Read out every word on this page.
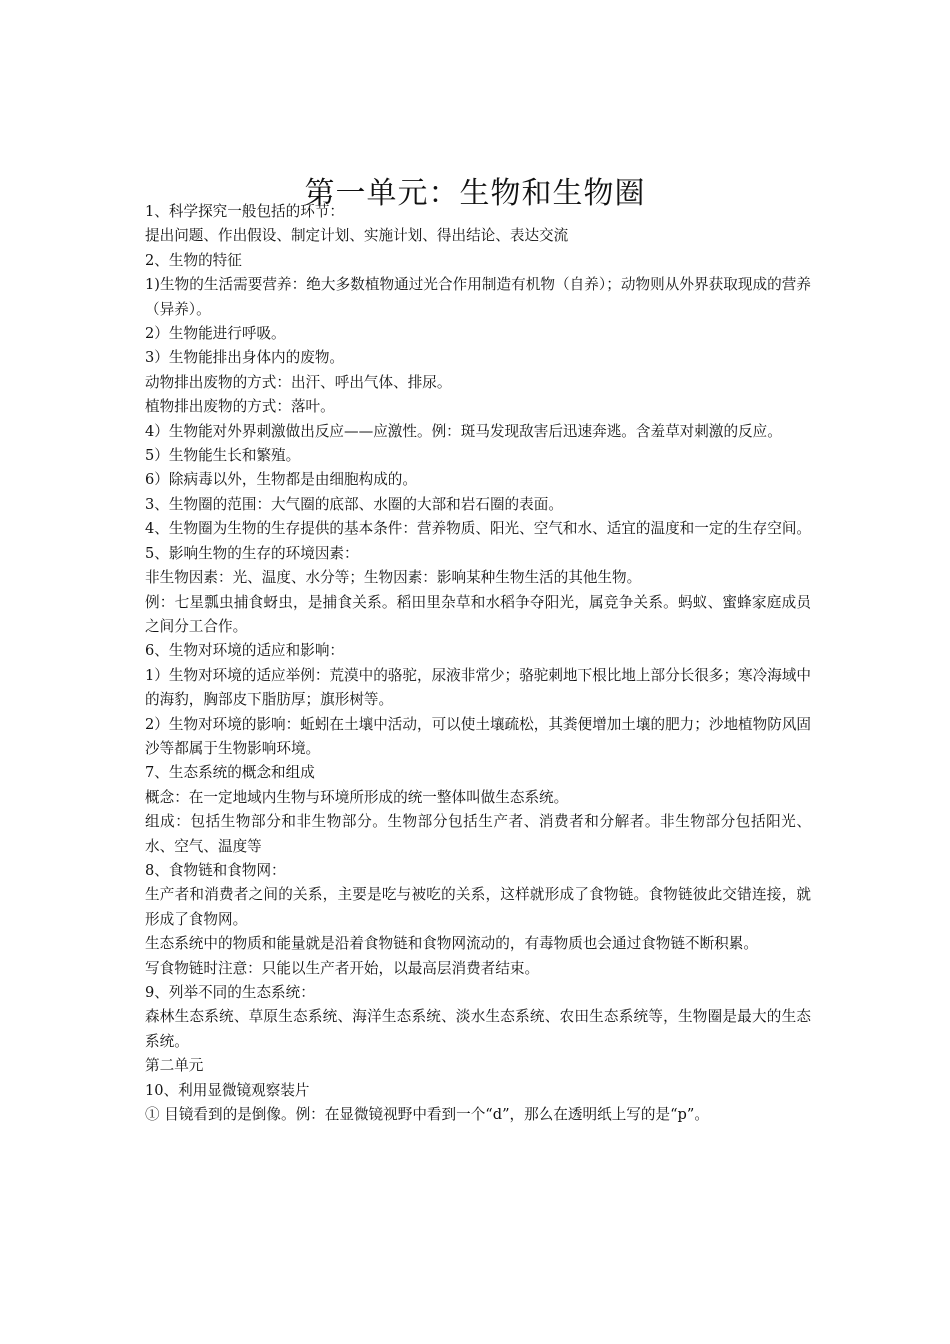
第一单元：生物和生物圈

1、科学探究一般包括的环节：

提出问题、作出假设、制定计划、实施计划、得出结论、表达交流

2、生物的特征

1)生物的生活需要营养：绝大多数植物通过光合作用制造有机物（自养）；动物则从外界获取现成的营养（异养）。

2）生物能进行呼吸。

3）生物能排出身体内的废物。

动物排出废物的方式：出汗、呼出气体、排尿。

植物排出废物的方式：落叶。

4）生物能对外界刺激做出反应——应激性。例：斑马发现敌害后迅速奔逃。含羞草对刺激的反应。

5）生物能生长和繁殖。

6）除病毒以外，生物都是由细胞构成的。

3、生物圈的范围：大气圈的底部、水圈的大部和岩石圈的表面。

4、生物圈为生物的生存提供的基本条件：营养物质、阳光、空气和水、适宜的温度和一定的生存空间。

5、影响生物的生存的环境因素：

非生物因素：光、温度、水分等；生物因素：影响某种生物生活的其他生物。

例：七星瓢虫捕食蚜虫，是捕食关系。稻田里杂草和水稻争夺阳光，属竞争关系。蚂蚁、蜜蜂家庭成员之间分工合作。

6、生物对环境的适应和影响：

1）生物对环境的适应举例：荒漠中的骆驼，尿液非常少；骆驼刺地下根比地上部分长很多；寒冷海域中的海豹，胸部皮下脂肪厚；旗形树等。

2）生物对环境的影响：蚯蚓在土壤中活动，可以使土壤疏松，其粪便增加土壤的肥力；沙地植物防风固沙等都属于生物影响环境。

7、生态系统的概念和组成

概念：在一定地域内生物与环境所形成的统一整体叫做生态系统。

组成：包括生物部分和非生物部分。生物部分包括生产者、消费者和分解者。非生物部分包括阳光、水、空气、温度等

8、食物链和食物网：

生产者和消费者之间的关系，主要是吃与被吃的关系，这样就形成了食物链。食物链彼此交错连接，就形成了食物网。

生态系统中的物质和能量就是沿着食物链和食物网流动的，有毒物质也会通过食物链不断积累。

写食物链时注意：只能以生产者开始，以最高层消费者结束。

9、列举不同的生态系统：

森林生态系统、草原生态系统、海洋生态系统、淡水生态系统、农田生态系统等，生物圈是最大的生态系统。

第二单元

10、利用显微镜观察装片

① 目镜看到的是倒像。例：在显微镜视野中看到一个“d”，那么在透明纸上写的是“p”。
